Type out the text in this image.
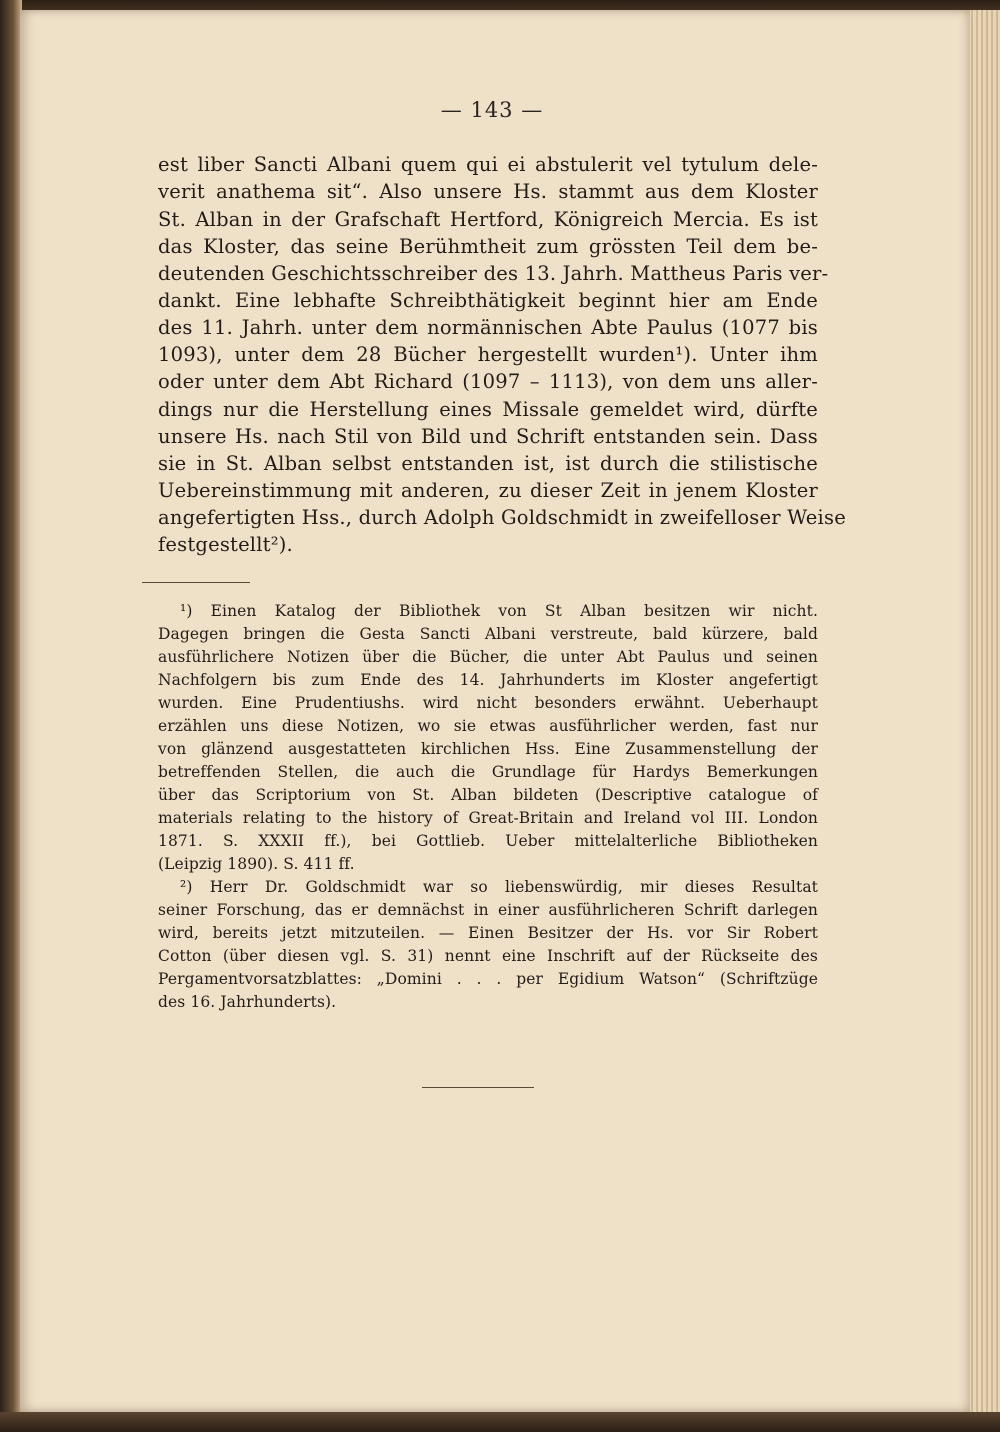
— 143 —

est liber Sancti Albani quem qui ei abstulerit vel tytulum dele-

verit anathema sit“. Also unsere Hs. stammt aus dem Kloster

St. Alban in der Grafschaft Hertford, Königreich Mercia. Es ist

das Kloster, das seine Berühmtheit zum grössten Teil dem be-

deutenden Geschichtsschreiber des 13. Jahrh. Mattheus Paris ver-

dankt. Eine lebhafte Schreibthätigkeit beginnt hier am Ende

des 11. Jahrh. unter dem normännischen Abte Paulus (1077 bis

1093), unter dem 28 Bücher hergestellt wurden¹). Unter ihm

oder unter dem Abt Richard (1097 – 1113), von dem uns aller-

dings nur die Herstellung eines Missale gemeldet wird, dürfte

unsere Hs. nach Stil von Bild und Schrift entstanden sein. Dass

sie in St. Alban selbst entstanden ist, ist durch die stilistische

Uebereinstimmung mit anderen, zu dieser Zeit in jenem Kloster

angefertigten Hss., durch Adolph Goldschmidt in zweifelloser Weise

festgestellt²).

¹) Einen Katalog der Bibliothek von St Alban besitzen wir nicht.

Dagegen bringen die Gesta Sancti Albani verstreute, bald kürzere, bald

ausführlichere Notizen über die Bücher, die unter Abt Paulus und seinen

Nachfolgern bis zum Ende des 14. Jahrhunderts im Kloster angefertigt

wurden. Eine Prudentiushs. wird nicht besonders erwähnt. Ueberhaupt

erzählen uns diese Notizen, wo sie etwas ausführlicher werden, fast nur

von glänzend ausgestatteten kirchlichen Hss. Eine Zusammenstellung der

betreffenden Stellen, die auch die Grundlage für Hardys Bemerkungen

über das Scriptorium von St. Alban bildeten (Descriptive catalogue of

materials relating to the history of Great-Britain and Ireland vol III. London

1871. S. XXXII ff.), bei Gottlieb. Ueber mittelalterliche Bibliotheken

(Leipzig 1890). S. 411 ff.

²) Herr Dr. Goldschmidt war so liebenswürdig, mir dieses Resultat

seiner Forschung, das er demnächst in einer ausführlicheren Schrift darlegen

wird, bereits jetzt mitzuteilen. — Einen Besitzer der Hs. vor Sir Robert

Cotton (über diesen vgl. S. 31) nennt eine Inschrift auf der Rückseite des

Pergamentvorsatzblattes: „Domini . . . per Egidium Watson“ (Schriftzüge

des 16. Jahrhunderts).
